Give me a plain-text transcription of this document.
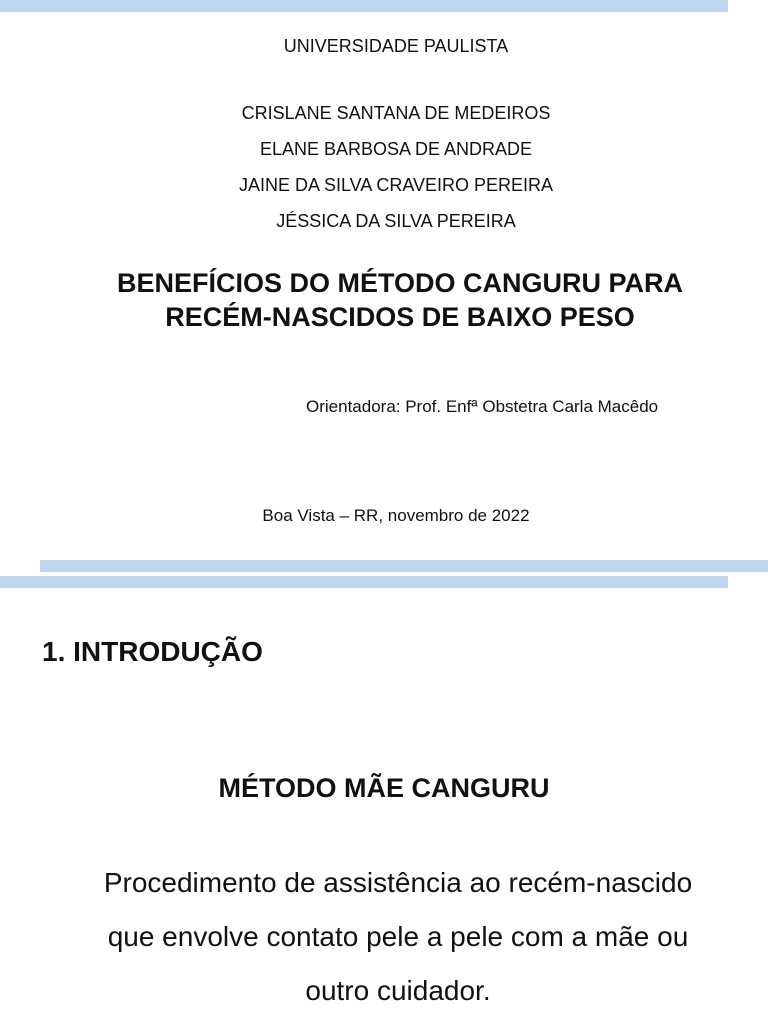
UNIVERSIDADE PAULISTA
CRISLANE SANTANA DE MEDEIROS
ELANE BARBOSA DE ANDRADE
JAINE DA SILVA CRAVEIRO PEREIRA
JÉSSICA DA SILVA PEREIRA
BENEFÍCIOS DO MÉTODO CANGURU PARA
RECÉM-NASCIDOS DE BAIXO PESO
Orientadora: Prof. Enfª Obstetra Carla Macêdo
Boa Vista – RR, novembro de 2022
1. INTRODUÇÃO
MÉTODO MÃE CANGURU
Procedimento de assistência ao recém-nascido
que envolve contato pele a pele com a mãe ou
outro cuidador.
